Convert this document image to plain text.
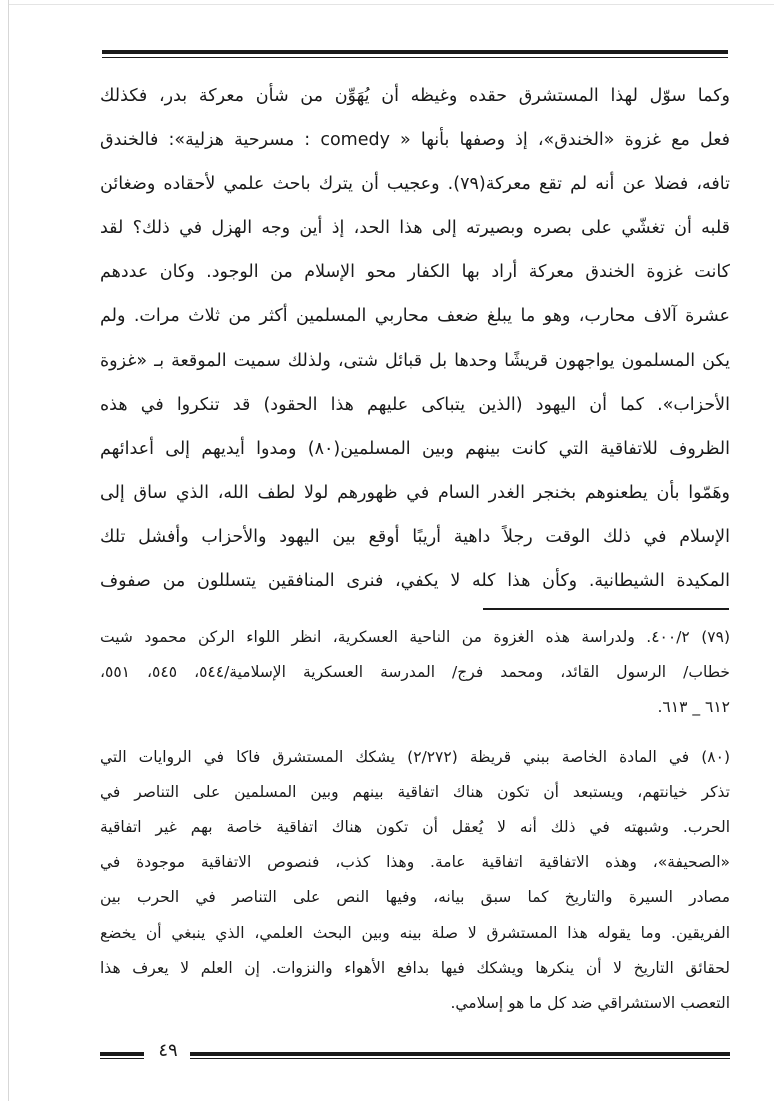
وكما سوّل لهذا المستشرق حقده وغيظه أن يُهَوِّن من شأن معركة بدر، فكذلك
فعل مع غزوة «الخندق»، إذ وصفها بأنها « comedy : مسرحية هزلية»: فالخندق
تافه، فضلا عن أنه لم تقع معركة(٧٩). وعجيب أن يترك باحث علمي لأحقاده وضغائن
قلبه أن تغشّي على بصره وبصيرته إلى هذا الحد، إذ أين وجه الهزل في ذلك؟ لقد
كانت غزوة الخندق معركة أراد بها الكفار محو الإسلام من الوجود. وكان عددهم
عشرة آلاف محارب، وهو ما يبلغ ضعف محاربي المسلمين أكثر من ثلاث مرات. ولم
يكن المسلمون يواجهون قريشًا وحدها بل قبائل شتى، ولذلك سميت الموقعة بـ «غزوة
الأحزاب». كما أن اليهود (الذين يتباكى عليهم هذا الحقود) قد تنكروا في هذه
الظروف للاتفاقية التي كانت بينهم وبين المسلمين(٨٠) ومدوا أيديهم إلى أعدائهم
وهَمّوا بأن يطعنوهم بخنجر الغدر السام في ظهورهم لولا لطف الله، الذي ساق إلى
الإسلام في ذلك الوقت رجلاً داهية أريبًا أوقع بين اليهود والأحزاب وأفشل تلك
المكيدة الشيطانية. وكأن هذا كله لا يكفي، فنرى المنافقين يتسللون من صفوف
(٧٩) ٤٠٠/٢. ولدراسة هذه الغزوة من الناحية العسكرية، انظر اللواء الركن محمود شيت
خطاب/ الرسول القائد، ومحمد فرج/ المدرسة العسكرية الإسلامية/٥٤٤، ٥٤٥، ٥٥١،
٦١٢ _ ٦١٣.
(٨٠) في المادة الخاصة ببني قريظة (٢/٢٧٢) يشكك المستشرق فاكا في الروايات التي
تذكر خيانتهم، ويستبعد أن تكون هناك اتفاقية بينهم وبين المسلمين على التناصر في
الحرب. وشبهته في ذلك أنه لا يُعقل أن تكون هناك اتفاقية خاصة بهم غير اتفاقية
«الصحيفة»، وهذه الاتفاقية اتفاقية عامة. وهذا كذب، فنصوص الاتفاقية موجودة في
مصادر السيرة والتاريخ كما سبق بيانه، وفيها النص على التناصر في الحرب بين
الفريقين. وما يقوله هذا المستشرق لا صلة بينه وبين البحث العلمي، الذي ينبغي أن يخضع
لحقائق التاريخ لا أن ينكرها ويشكك فيها بدافع الأهواء والنزوات. إن العلم لا يعرف هذا
التعصب الاستشراقي ضد كل ما هو إسلامي.
٤٩
